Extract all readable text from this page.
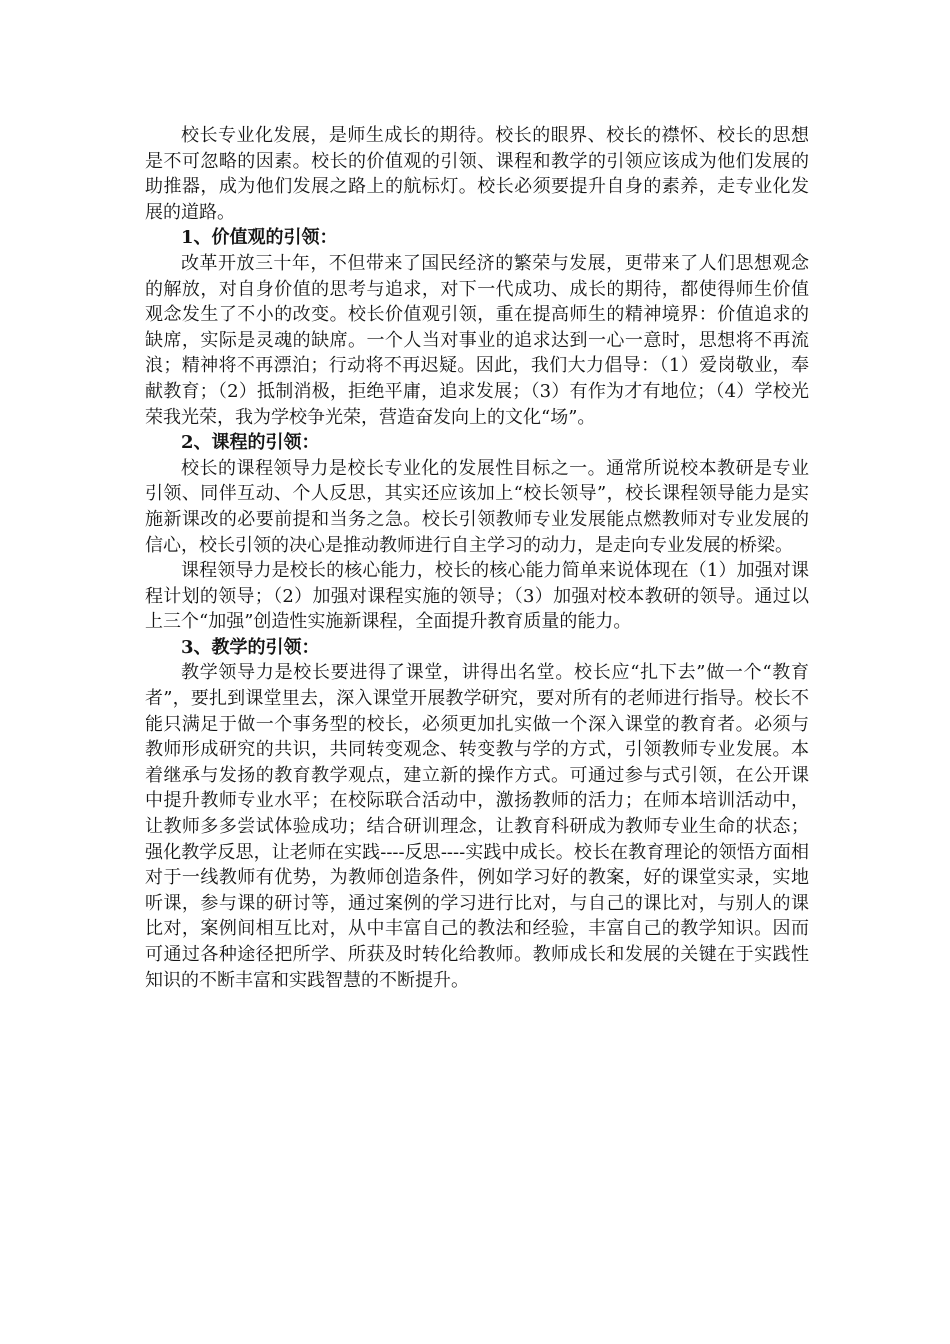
校长专业化发展，是师生成长的期待。校长的眼界、校长的襟怀、校长的思想是不可忽略的因素。校长的价值观的引领、课程和教学的引领应该成为他们发展的助推器，成为他们发展之路上的航标灯。校长必须要提升自身的素养，走专业化发展的道路。

1、价值观的引领：

改革开放三十年，不但带来了国民经济的繁荣与发展，更带来了人们思想观念的解放，对自身价值的思考与追求，对下一代成功、成长的期待，都使得师生价值观念发生了不小的改变。校长价值观引领，重在提高师生的精神境界：价值追求的缺席，实际是灵魂的缺席。一个人当对事业的追求达到一心一意时，思想将不再流浪；精神将不再漂泊；行动将不再迟疑。因此，我们大力倡导：（1）爱岗敬业，奉献教育；（2）抵制消极，拒绝平庸，追求发展；（3）有作为才有地位；（4）学校光荣我光荣，我为学校争光荣，营造奋发向上的文化“场”。

2、课程的引领：

校长的课程领导力是校长专业化的发展性目标之一。通常所说校本教研是专业引领、同伴互动、个人反思，其实还应该加上“校长领导”，校长课程领导能力是实施新课改的必要前提和当务之急。校长引领教师专业发展能点燃教师对专业发展的信心，校长引领的决心是推动教师进行自主学习的动力，是走向专业发展的桥梁。

课程领导力是校长的核心能力，校长的核心能力简单来说体现在（1）加强对课程计划的领导；（2）加强对课程实施的领导；（3）加强对校本教研的领导。通过以上三个“加强”创造性实施新课程，全面提升教育质量的能力。

3、教学的引领：

教学领导力是校长要进得了课堂，讲得出名堂。校长应“扎下去”做一个“教育者”，要扎到课堂里去，深入课堂开展教学研究，要对所有的老师进行指导。校长不能只满足于做一个事务型的校长，必须更加扎实做一个深入课堂的教育者。必须与教师形成研究的共识，共同转变观念、转变教与学的方式，引领教师专业发展。本着继承与发扬的教育教学观点，建立新的操作方式。可通过参与式引领，在公开课中提升教师专业水平；在校际联合活动中，激扬教师的活力；在师本培训活动中，让教师多多尝试体验成功；结合研训理念，让教育科研成为教师专业生命的状态；强化教学反思，让老师在实践----反思----实践中成长。校长在教育理论的领悟方面相对于一线教师有优势，为教师创造条件，例如学习好的教案，好的课堂实录，实地听课，参与课的研讨等，通过案例的学习进行比对，与自己的课比对，与别人的课比对，案例间相互比对，从中丰富自己的教法和经验，丰富自己的教学知识。因而可通过各种途径把所学、所获及时转化给教师。教师成长和发展的关键在于实践性知识的不断丰富和实践智慧的不断提升。
